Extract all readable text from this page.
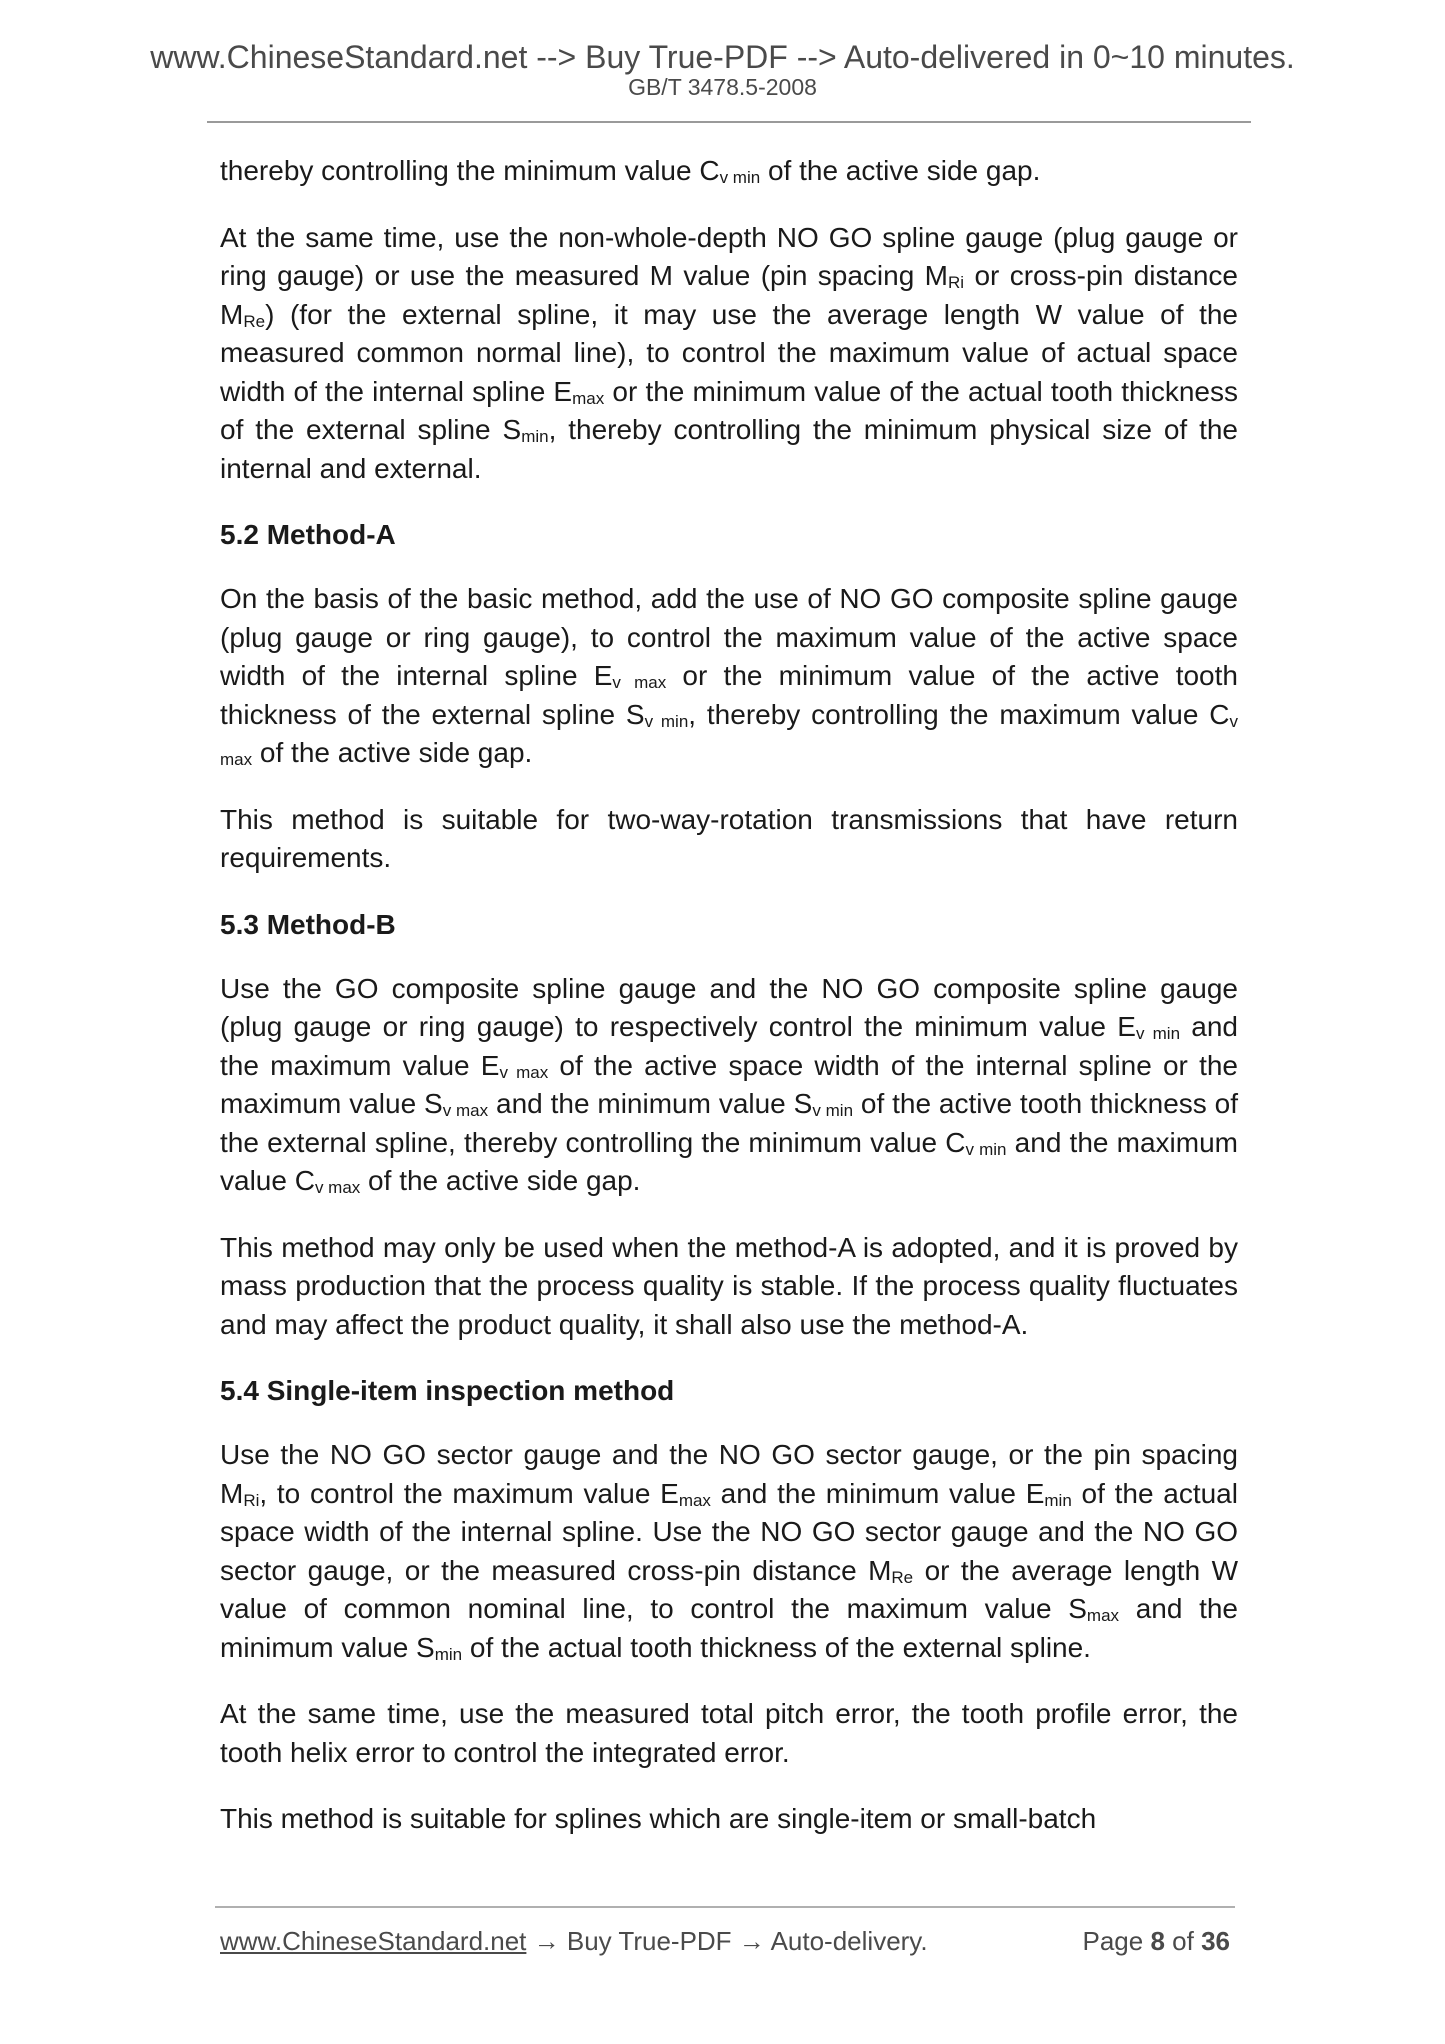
www.ChineseStandard.net --> Buy True-PDF --> Auto-delivered in 0~10 minutes.
GB/T 3478.5-2008

thereby controlling the minimum value $C_{v min}$ of the active side gap.

At the same time, use the non-whole-depth NO GO spline gauge (plug gauge or ring gauge) or use the measured M value (pin spacing $M_{Ri}$ or cross-pin distance $M_{Re}$) (for the external spline, it may use the average length W value of the measured common normal line), to control the maximum value of actual space width of the internal spline $E_{max}$ or the minimum value of the actual tooth thickness of the external spline $S_{min}$, thereby controlling the minimum physical size of the internal and external.

5.2 Method-A

On the basis of the basic method, add the use of NO GO composite spline gauge (plug gauge or ring gauge), to control the maximum value of the active space width of the internal spline $E_{v max}$ or the minimum value of the active tooth thickness of the external spline $S_{v min}$, thereby controlling the maximum value $C_{v max}$ of the active side gap.

This method is suitable for two-way-rotation transmissions that have return requirements.

5.3 Method-B

Use the GO composite spline gauge and the NO GO composite spline gauge (plug gauge or ring gauge) to respectively control the minimum value $E_{v min}$ and the maximum value $E_{v max}$ of the active space width of the internal spline or the maximum value $S_{v max}$ and the minimum value $S_{v min}$ of the active tooth thickness of the external spline, thereby controlling the minimum value $C_{v min}$ and the maximum value $C_{v max}$ of the active side gap.

This method may only be used when the method-A is adopted, and it is proved by mass production that the process quality is stable. If the process quality fluctuates and may affect the product quality, it shall also use the method-A.

5.4 Single-item inspection method

Use the NO GO sector gauge and the NO GO sector gauge, or the pin spacing $M_{Ri}$, to control the maximum value $E_{max}$ and the minimum value $E_{min}$ of the actual space width of the internal spline. Use the NO GO sector gauge and the NO GO sector gauge, or the measured cross-pin distance $M_{Re}$ or the average length W value of common nominal line, to control the maximum value $S_{max}$ and the minimum value $S_{min}$ of the actual tooth thickness of the external spline.

At the same time, use the measured total pitch error, the tooth profile error, the tooth helix error to control the integrated error.

This method is suitable for splines which are single-item or small-batch

www.ChineseStandard.net → Buy True-PDF → Auto-delivery.	Page 8 of 36
